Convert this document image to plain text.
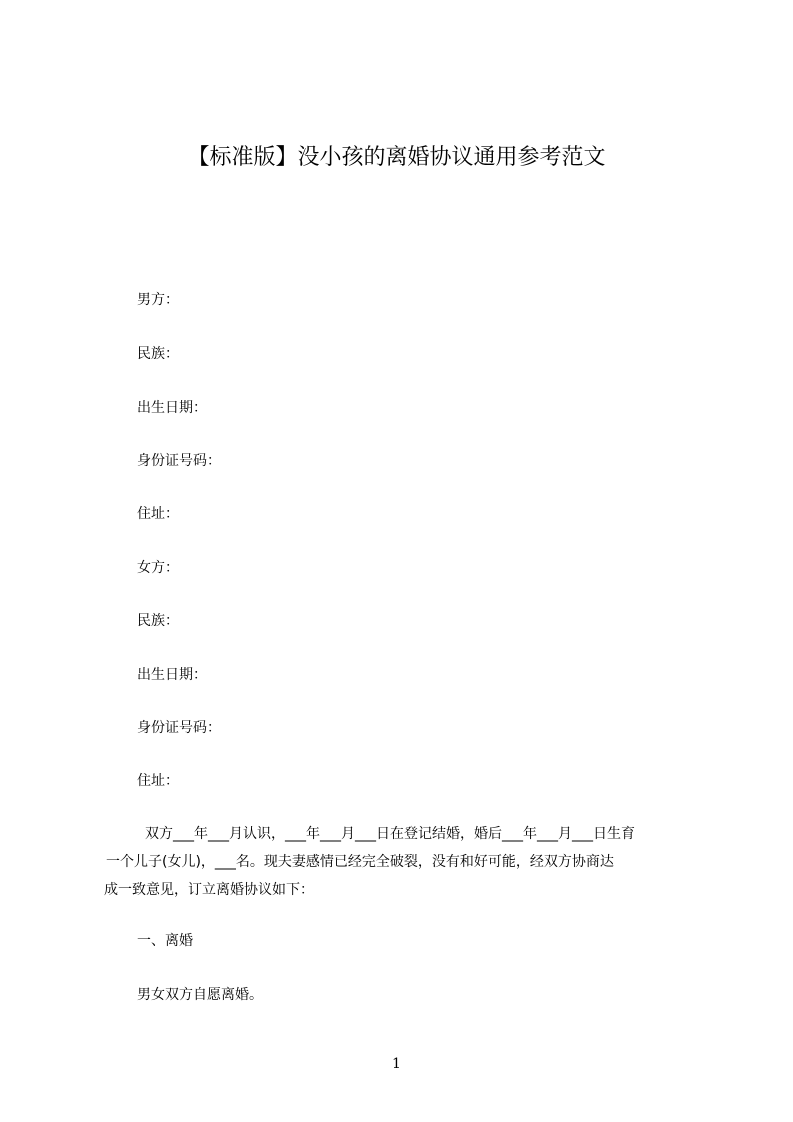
【标准版】没小孩的离婚协议通用参考范文
男方：
民族：
出生日期：
身份证号码：
住址：
女方：
民族：
出生日期：
身份证号码：
住址：
双方___年___月认识，___年___月___日在登记结婚，婚后___年___月___日生育
一个儿子(女儿)，___名。现夫妻感情已经完全破裂，没有和好可能，经双方协商达
成一致意见，订立离婚协议如下：
一、离婚
男女双方自愿离婚。
1
